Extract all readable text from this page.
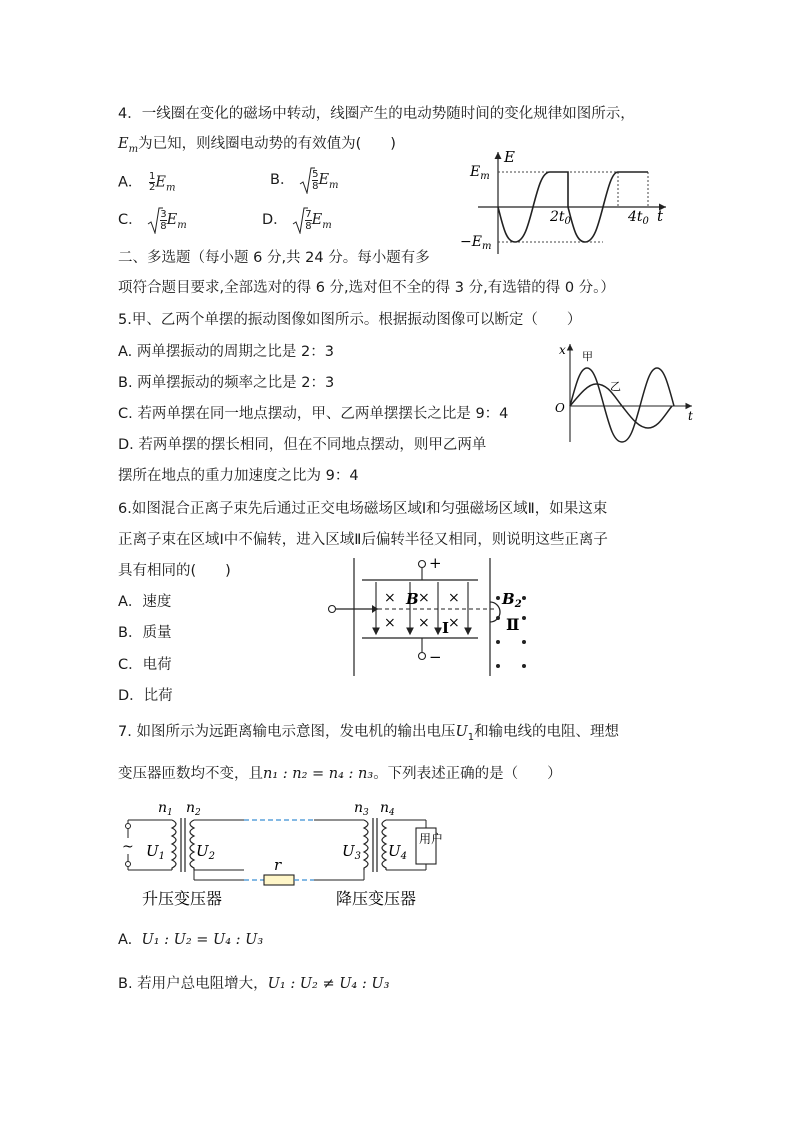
4．一线圈在变化的磁场中转动，线圈产生的电动势随时间的变化规律如图所示，
$E_m$为已知，则线圈电动势的有效值为(　　)
A． 1

2 $E_m$	B． 5

8 $E_m$
C． 3

8 $E_m$	D． 7

8 $E_m$
E
t
$E_m$
$-E_m$
$2t_0$	$4t_0$
二、多选题（每小题 6 分,共 24 分。每小题有多
项符合题目要求,全部选对的得 6 分,选对但不全的得 3 分,有选错的得 0 分。）
5.甲、乙两个单摆的振动图像如图所示。根据振动图像可以断定（　　）
A. 两单摆振动的周期之比是 2：3
B. 两单摆振动的频率之比是 2：3
C. 若两单摆在同一地点摆动，甲、乙两单摆摆长之比是 9：4
D. 若两单摆的摆长相同，但在不同地点摆动，则甲乙两单
摆所在地点的重力加速度之比为 9：4
x
t
O
甲
乙
6.如图混合正离子束先后通过正交电场磁场区域Ⅰ和匀强磁场区域Ⅱ，如果这束
正离子束在区域Ⅰ中不偏转，进入区域Ⅱ后偏转半径又相同，则说明这些正离子
具有相同的(　　)
A．速度
B．质量
C．电荷
D．比荷
+
−
× × ×
× × ×
B
Ⅰ
$B_2$
Ⅱ
7. 如图所示为远距离输电示意图，发电机的输出电压$U_1$和输电线的电阻、理想
变压器匝数均不变，且n₁ : n₂ = n₄ : n₃。下列表述正确的是（　　）
~
r
用户
$n_1$ $n_2$	$n_3$ $n_4$
$U_1$ $U_2$	$U_3$ $U_4$
升压变压器	降压变压器
A. U₁ : U₂ = U₄ : U₃
B. 若用户总电阻增大，U₁ : U₂ ≠ U₄ : U₃
